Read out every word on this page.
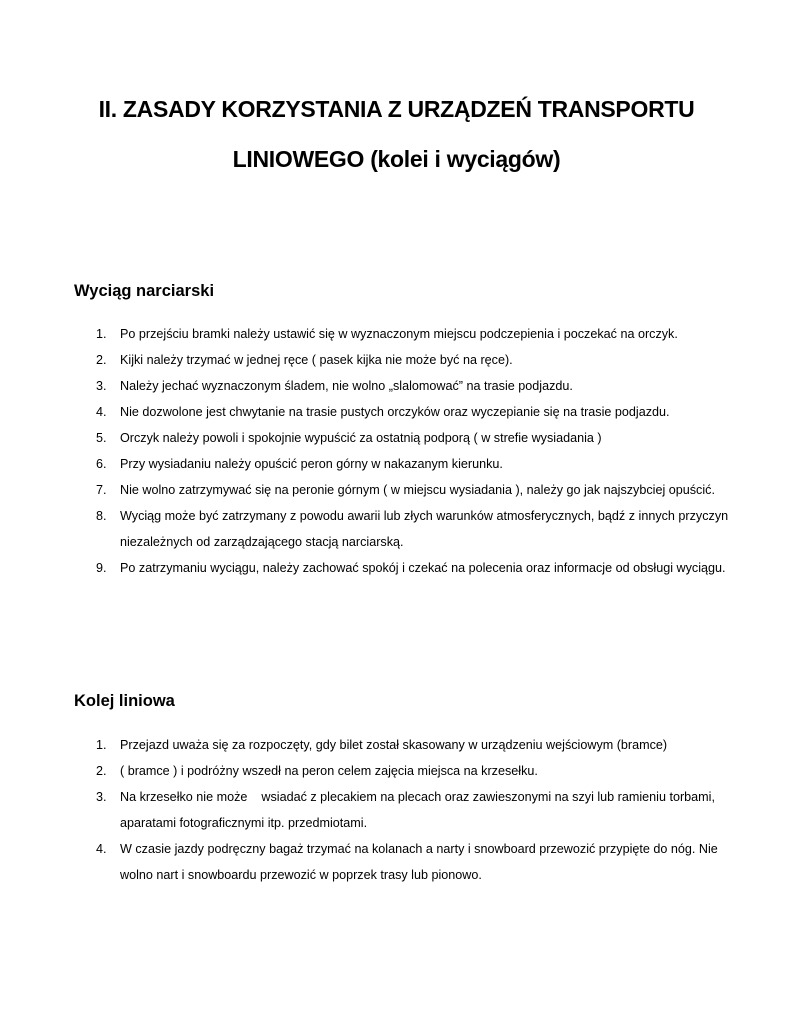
II. ZASADY KORZYSTANIA Z URZĄDZEŃ TRANSPORTU
LINIOWEGO (kolei i wyciągów)
Wyciąg narciarski
1. Po przejściu bramki należy ustawić się w wyznaczonym miejscu podczepienia i poczekać na orczyk.
2. Kijki należy trzymać w jednej ręce ( pasek kijka nie może być na ręce).
3. Należy jechać wyznaczonym śladem, nie wolno „slalomować” na trasie podjazdu.
4. Nie dozwolone jest chwytanie na trasie pustych orczyków oraz wyczepianie się na trasie podjazdu.
5. Orczyk należy powoli i spokojnie wypuścić za ostatnią podporą ( w strefie wysiadania )
6. Przy wysiadaniu należy opuścić peron górny w nakazanym kierunku.
7. Nie wolno zatrzymywać się na peronie górnym ( w miejscu wysiadania ), należy go jak najszybciej opuścić.
8. Wyciąg może być zatrzymany z powodu awarii lub złych warunków atmosferycznych, bądź z innych przyczyn niezależnych od zarządzającego stacją narciarską.
9. Po zatrzymaniu wyciągu, należy zachować spokój i czekać na polecenia oraz informacje od obsługi wyciągu.
Kolej liniowa
1. Przejazd uważa się za rozpoczęty, gdy bilet został skasowany w urządzeniu wejściowym (bramce)
2. ( bramce ) i podróżny wszedł na peron celem zajęcia miejsca na krzesełku.
3. Na krzesełko nie może    wsiadać z plecakiem na plecach oraz zawieszonymi na szyi lub ramieniu torbami, aparatami fotograficznymi itp. przedmiotami.
4. W czasie jazdy podręczny bagaż trzymać na kolanach a narty i snowboard przewozić przypięte do nóg. Nie wolno nart i snowboardu przewozić w poprzek trasy lub pionowo.
